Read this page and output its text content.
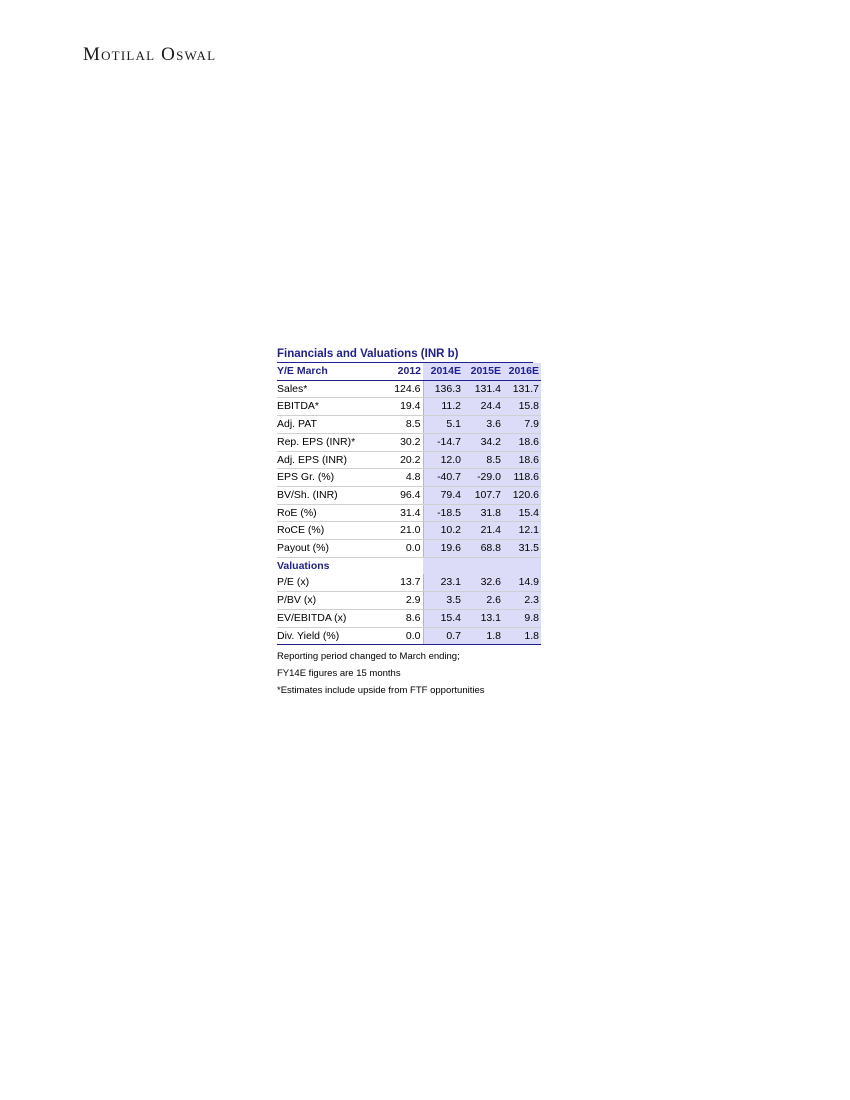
Motilal Oswal
Financials and Valuations (INR b)
Y/E March	2012	2014E	2015E	2016E
Sales*	124.6	136.3	131.4	131.7
EBITDA*	19.4	11.2	24.4	15.8
Adj. PAT	8.5	5.1	3.6	7.9
Rep. EPS (INR)*	30.2	-14.7	34.2	18.6
Adj. EPS (INR)	20.2	12.0	8.5	18.6
EPS Gr. (%)	4.8	-40.7	-29.0	118.6
BV/Sh. (INR)	96.4	79.4	107.7	120.6
RoE (%)	31.4	-18.5	31.8	15.4
RoCE (%)	21.0	10.2	21.4	12.1
Payout (%)	0.0	19.6	68.8	31.5
Valuations				
P/E (x)	13.7	23.1	32.6	14.9
P/BV (x)	2.9	3.5	2.6	2.3
EV/EBITDA (x)	8.6	15.4	13.1	9.8
Div. Yield (%)	0.0	0.7	1.8	1.8
Reporting period changed to March ending;
FY14E figures are 15 months
*Estimates include upside from FTF opportunities
